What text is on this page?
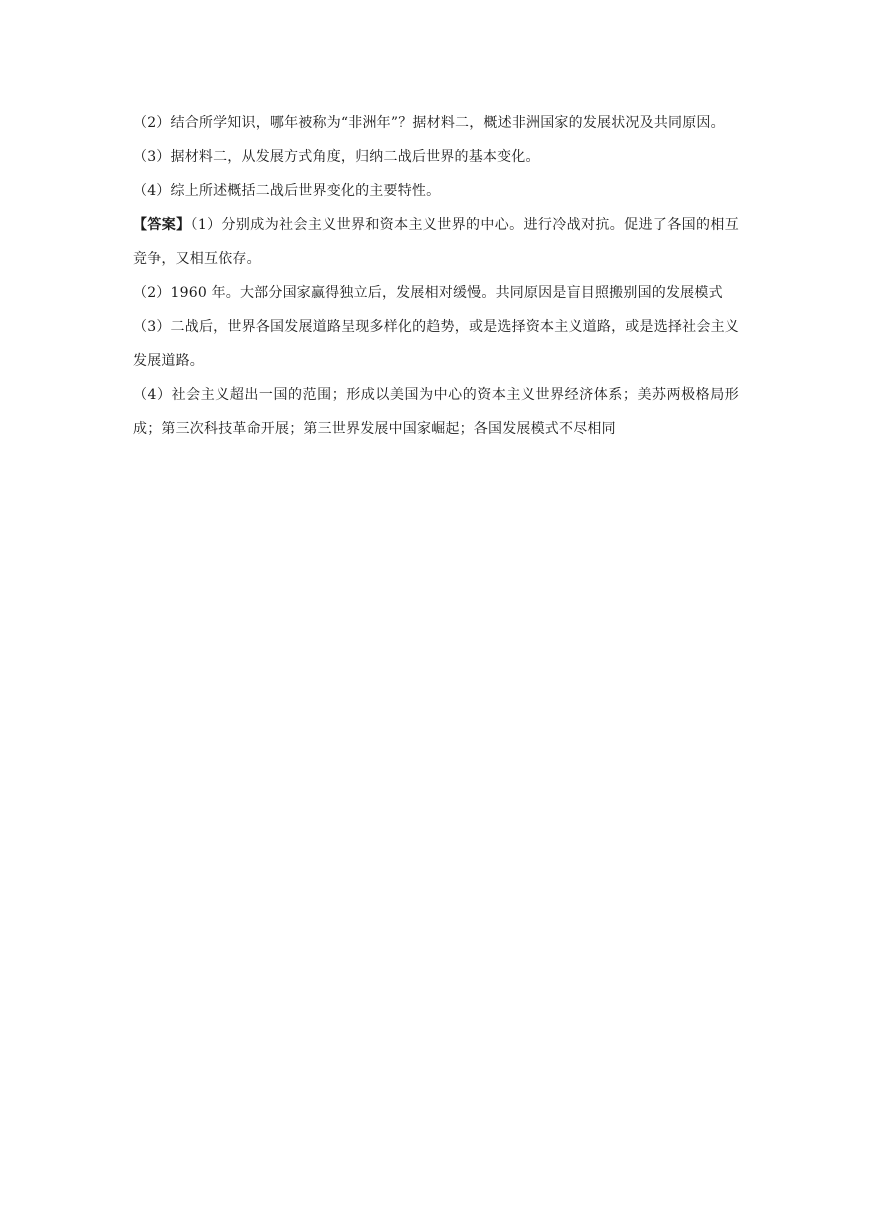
（2）结合所学知识，哪年被称为“非洲年”？据材料二，概述非洲国家的发展状况及共同原因。

（3）据材料二，从发展方式角度，归纳二战后世界的基本变化。

（4）综上所述概括二战后世界变化的主要特性。

【答案】（1）分别成为社会主义世界和资本主义世界的中心。进行冷战对抗。促进了各国的相互竞争，又相互依存。

（2）1960 年。大部分国家赢得独立后，发展相对缓慢。共同原因是盲目照搬别国的发展模式

（3）二战后，世界各国发展道路呈现多样化的趋势，或是选择资本主义道路，或是选择社会主义发展道路。

（4）社会主义超出一国的范围；形成以美国为中心的资本主义世界经济体系；美苏两极格局形成；第三次科技革命开展；第三世界发展中国家崛起；各国发展模式不尽相同
